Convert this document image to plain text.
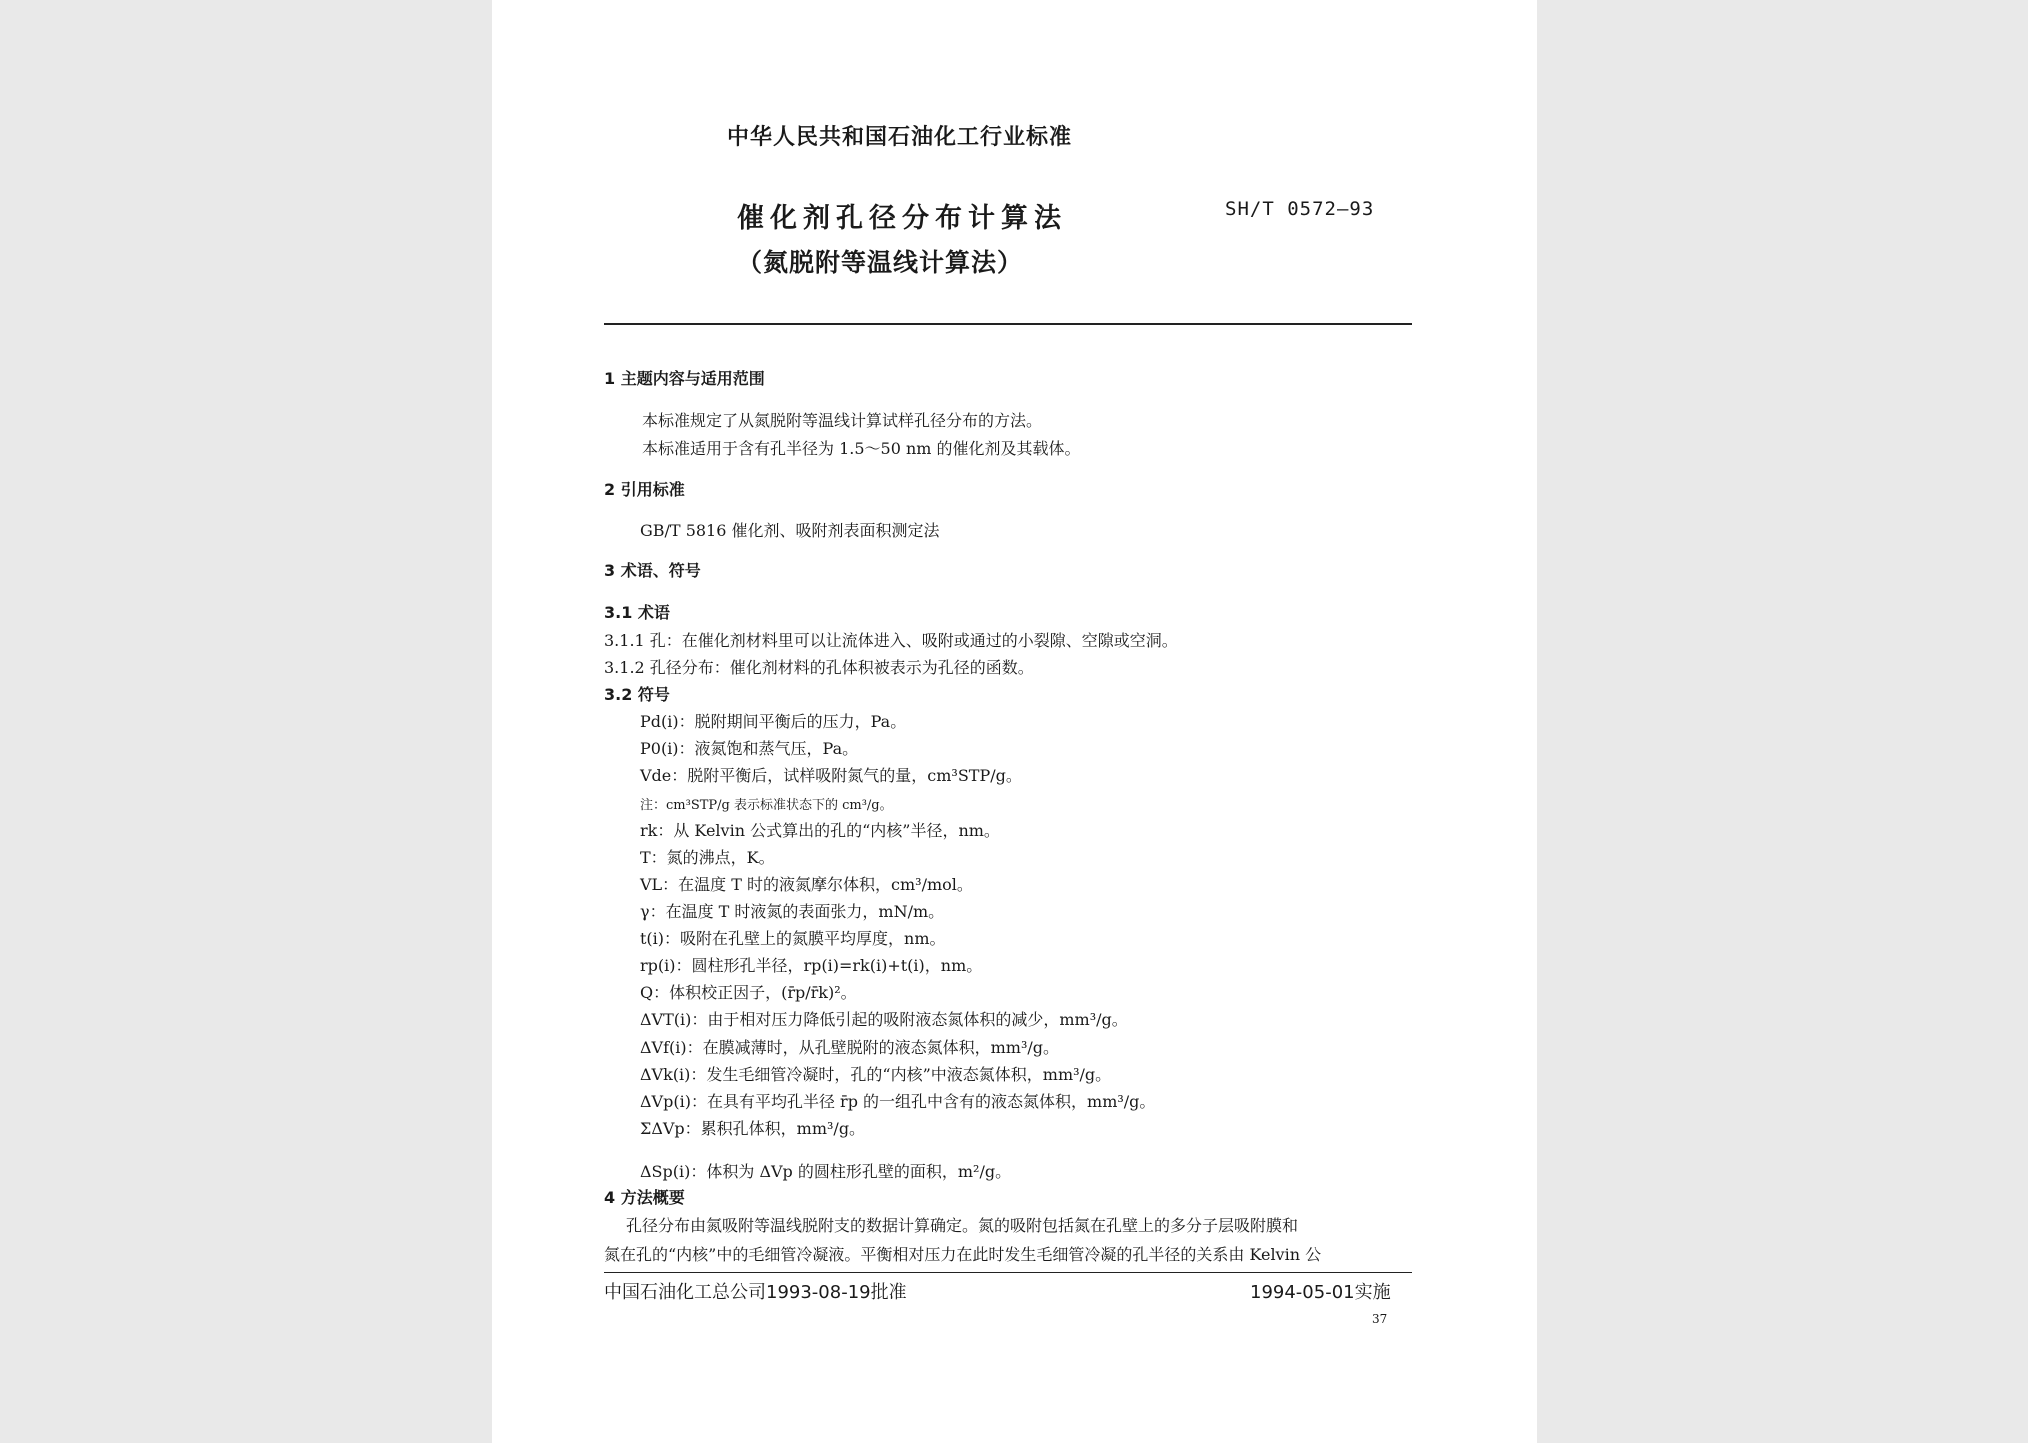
中华人民共和国石油化工行业标准
催化剂孔径分布计算法
（氮脱附等温线计算法）
SH/T 0572—93
1 主题内容与适用范围
本标准规定了从氮脱附等温线计算试样孔径分布的方法。
本标准适用于含有孔半径为 1.5～50 nm 的催化剂及其载体。
2 引用标准
GB/T 5816 催化剂、吸附剂表面积测定法
3 术语、符号
3.1 术语
3.1.1 孔：在催化剂材料里可以让流体进入、吸附或通过的小裂隙、空隙或空洞。
3.1.2 孔径分布：催化剂材料的孔体积被表示为孔径的函数。
3.2 符号
Pd(i)：脱附期间平衡后的压力，Pa。
P0(i)：液氮饱和蒸气压，Pa。
Vde：脱附平衡后，试样吸附氮气的量，cm³STP/g。
注：cm³STP/g 表示标准状态下的 cm³/g。
rk：从 Kelvin 公式算出的孔的“内核”半径，nm。
T：氮的沸点，K。
VL：在温度 T 时的液氮摩尔体积，cm³/mol。
γ：在温度 T 时液氮的表面张力，mN/m。
t(i)：吸附在孔壁上的氮膜平均厚度，nm。
rp(i)：圆柱形孔半径，rp(i)=rk(i)+t(i)，nm。
Q：体积校正因子，(r̄p/r̄k)²。
ΔVT(i)：由于相对压力降低引起的吸附液态氮体积的减少，mm³/g。
ΔVf(i)：在膜减薄时，从孔壁脱附的液态氮体积，mm³/g。
ΔVk(i)：发生毛细管冷凝时，孔的“内核”中液态氮体积，mm³/g。
ΔVp(i)：在具有平均孔半径 r̄p 的一组孔中含有的液态氮体积，mm³/g。
ΣΔVp：累积孔体积，mm³/g。
ΔSp(i)：体积为 ΔVp 的圆柱形孔壁的面积，m²/g。
4 方法概要
孔径分布由氮吸附等温线脱附支的数据计算确定。氮的吸附包括氮在孔壁上的多分子层吸附膜和
氮在孔的“内核”中的毛细管冷凝液。平衡相对压力在此时发生毛细管冷凝的孔半径的关系由 Kelvin 公
中国石油化工总公司1993-08-19批准	1994-05-01实施
37
